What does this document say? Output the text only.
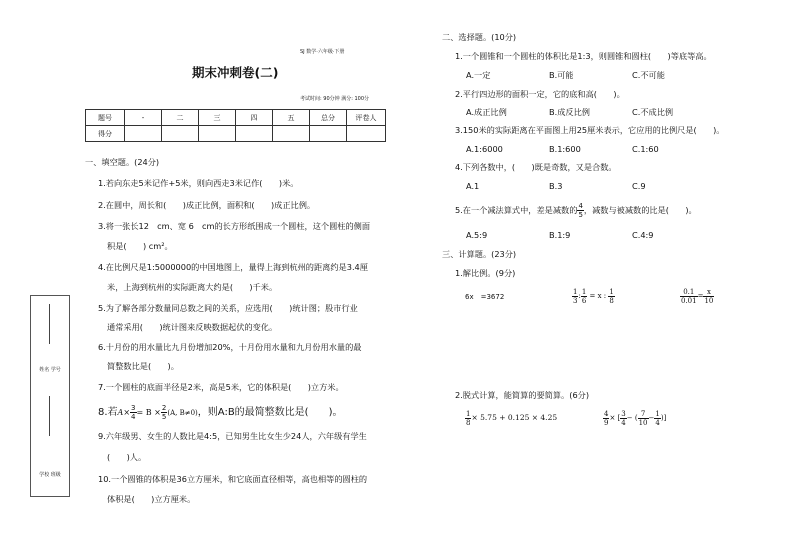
SJ 数学·六年级·下册
期末冲刺卷(二)
考试时间: 90分钟 满分: 100分
题号	-	二	三	四	五	总分	评卷人
得分							
姓名 学号
学校 班级
一、填空题。(24分)
1.若向东走5米记作+5米，则向西走3米记作(　　)米。
2.在圆中，周长和(　　)成正比例，面积和(　　)成正比例。
3.将一张长12　cm、宽 6　cm的长方形纸围成一个圆柱，这个圆柱的侧面
积是(　　) cm²。
4.在比例尺是1:5000000的中国地图上，量得上海到杭州的距离约是3.4厘
米，上海到杭州的实际距离大约是(　　)千米。
5.为了解各部分数量同总数之间的关系，应选用(　　)统计图；股市行业
通常采用(　　)统计图来反映数据起伏的变化。
6.十月份的用水量比九月份增加20%，十月份用水量和九月份用水量的最
简整数比是(　　)。
7.一个圆柱的底面半径是2米，高是5米，它的体积是(　　)立方米。
8.若$A\times \frac{3}{4} = B \times \frac{2}{5} (A$, B≠0)，则A:B的最简整数比是(　　)。
9.六年级男、女生的人数比是4:5，已知男生比女生少24人，六年级有学生
(　　)人。
10.一个圆锥的体积是36立方厘米，和它底面直径相等，高也相等的圆柱的
体积是(　　)立方厘米。
二、选择题。(10分)
1.一个圆锥和一个圆柱的体积比是1:3，则圆锥和圆柱(　　)等底等高。
A.一定	B.可能	C.不可能
2.平行四边形的面积一定，它的底和高(　　)。
A.成正比例	B.成反比例	C.不成比例
3.150米的实际距离在平面图上用25厘米表示，它应用的比例尺是(　　)。
A.1:6000	B.1:600	C.1:60
4.下列各数中，(　　)既是奇数，又是合数。
A.1	B.3	C.9
5.在一个减法算式中，差是减数的 $\frac{4}{5}$ ，减数与被减数的比是(　　)。
A.5:9	B.1:9	C.4:9
三、计算题。(23分)
1.解比例。(9分)
6x　=3672	$\frac{1}{3}$ : $\frac{1}{6} = x$ : $\frac{1}{8}$	$\frac{0.1}{0.01} = \frac{x}{10}$
2.脱式计算，能简算的要简算。(6分)
$\frac{1}{8} \times 5.75 + 0.125 \times 4.25$	$\frac{4}{9}$ × [ $\frac{3}{4}$ − ( $\frac{7}{10} - \frac{1}{4}$ )]
